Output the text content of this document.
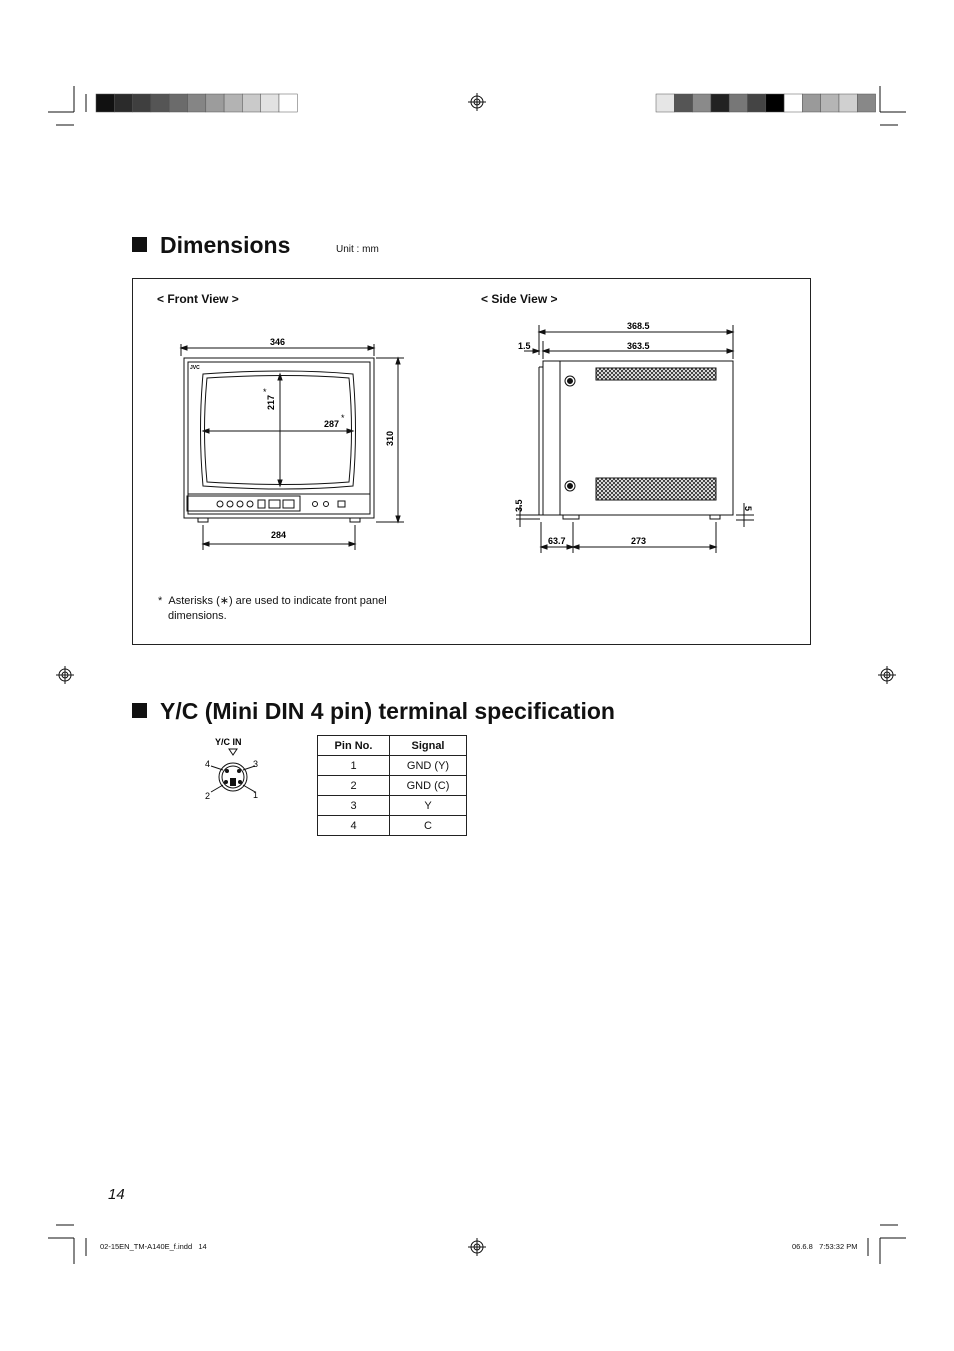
Dimensions	Unit : mm
< Front View >	< Side View >
346
JVC
217
*
287
*
310
284
368.5
363.5
1.5
3.5
63.7	273
5
* Asterisks (∗) are used to indicate front panel
dimensions.
Y/C (Mini DIN 4 pin) terminal specification
Y/C IN
4	3
2	1
Pin No.	Signal
1	GND (Y)
2	GND (C)
3	Y
4	C
14
02-15EN_TM-A140E_f.indd   14	06.6.8   7:53:32 PM
